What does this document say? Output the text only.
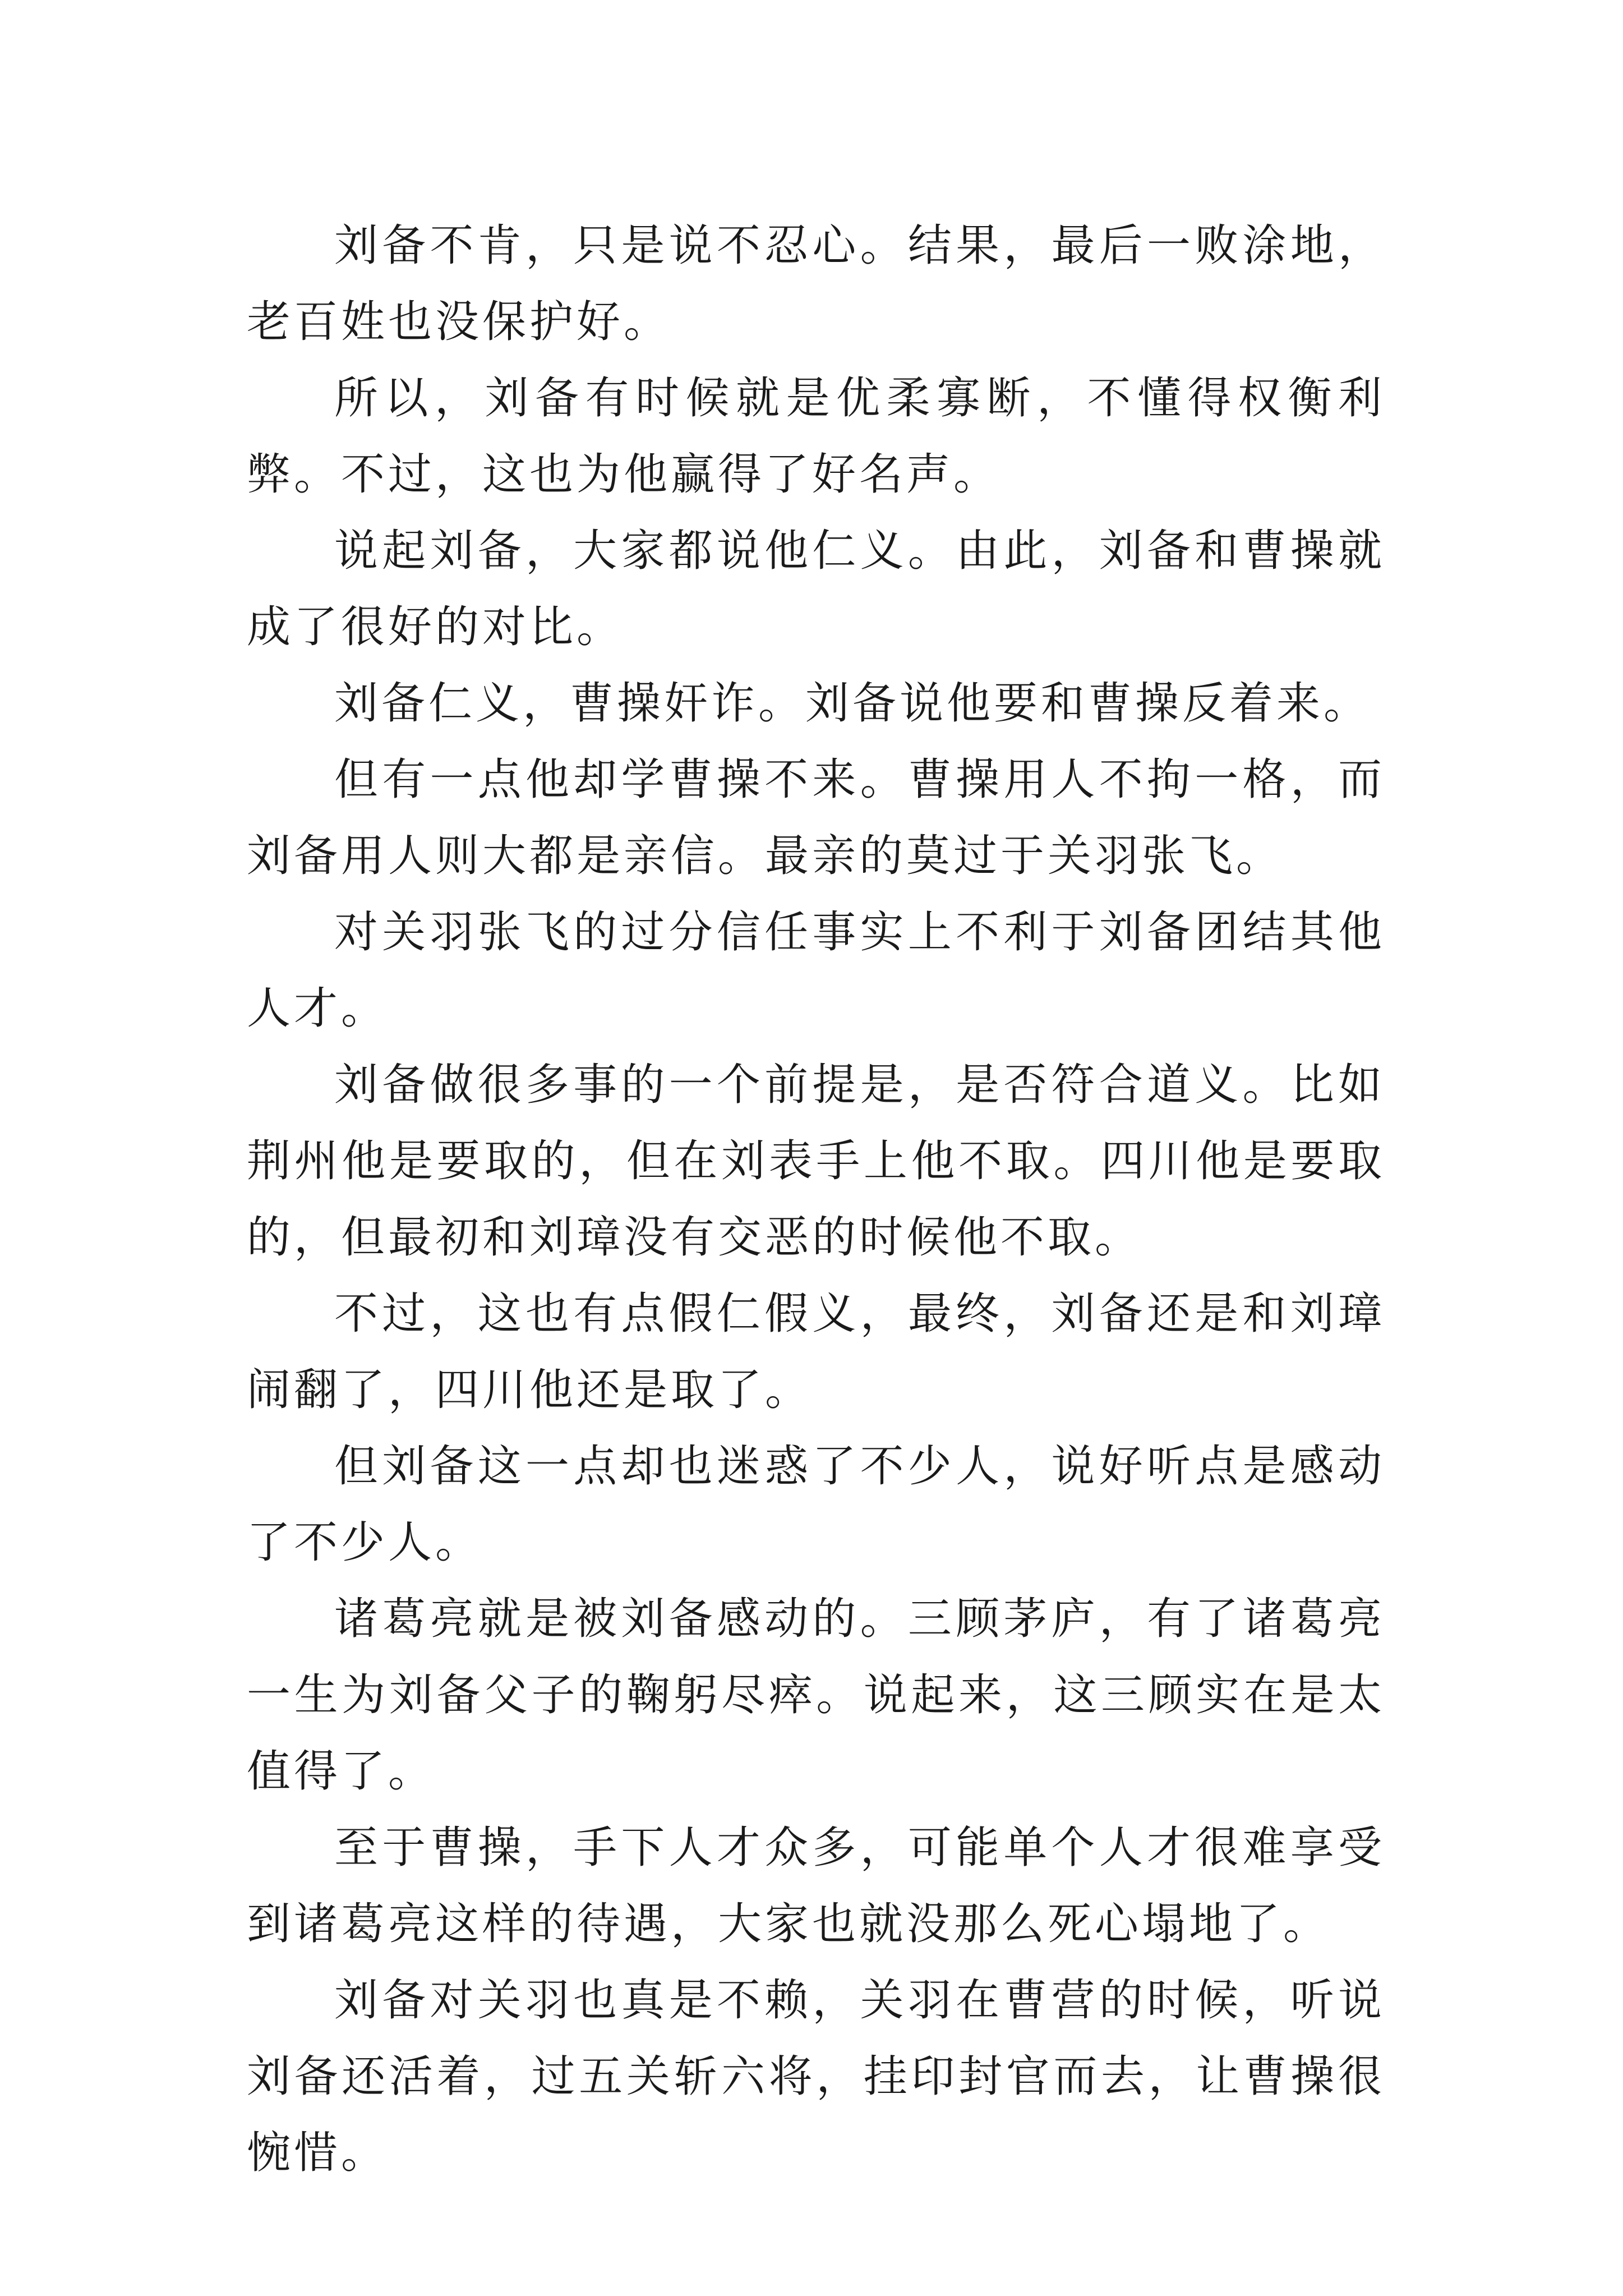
刘备不肯，只是说不忍心。结果，最后一败涂地，老百姓也没保护好。

所以，刘备有时候就是优柔寡断，不懂得权衡利弊。不过，这也为他赢得了好名声。

说起刘备，大家都说他仁义。由此，刘备和曹操就成了很好的对比。

刘备仁义，曹操奸诈。刘备说他要和曹操反着来。

但有一点他却学曹操不来。曹操用人不拘一格，而刘备用人则大都是亲信。最亲的莫过于关羽张飞。

对关羽张飞的过分信任事实上不利于刘备团结其他人才。

刘备做很多事的一个前提是，是否符合道义。比如荆州他是要取的，但在刘表手上他不取。四川他是要取的，但最初和刘璋没有交恶的时候他不取。

不过，这也有点假仁假义，最终，刘备还是和刘璋闹翻了，四川他还是取了。

但刘备这一点却也迷惑了不少人，说好听点是感动了不少人。

诸葛亮就是被刘备感动的。三顾茅庐，有了诸葛亮一生为刘备父子的鞠躬尽瘁。说起来，这三顾实在是太值得了。

至于曹操，手下人才众多，可能单个人才很难享受到诸葛亮这样的待遇，大家也就没那么死心塌地了。

刘备对关羽也真是不赖，关羽在曹营的时候，听说刘备还活着，过五关斩六将，挂印封官而去，让曹操很惋惜。
